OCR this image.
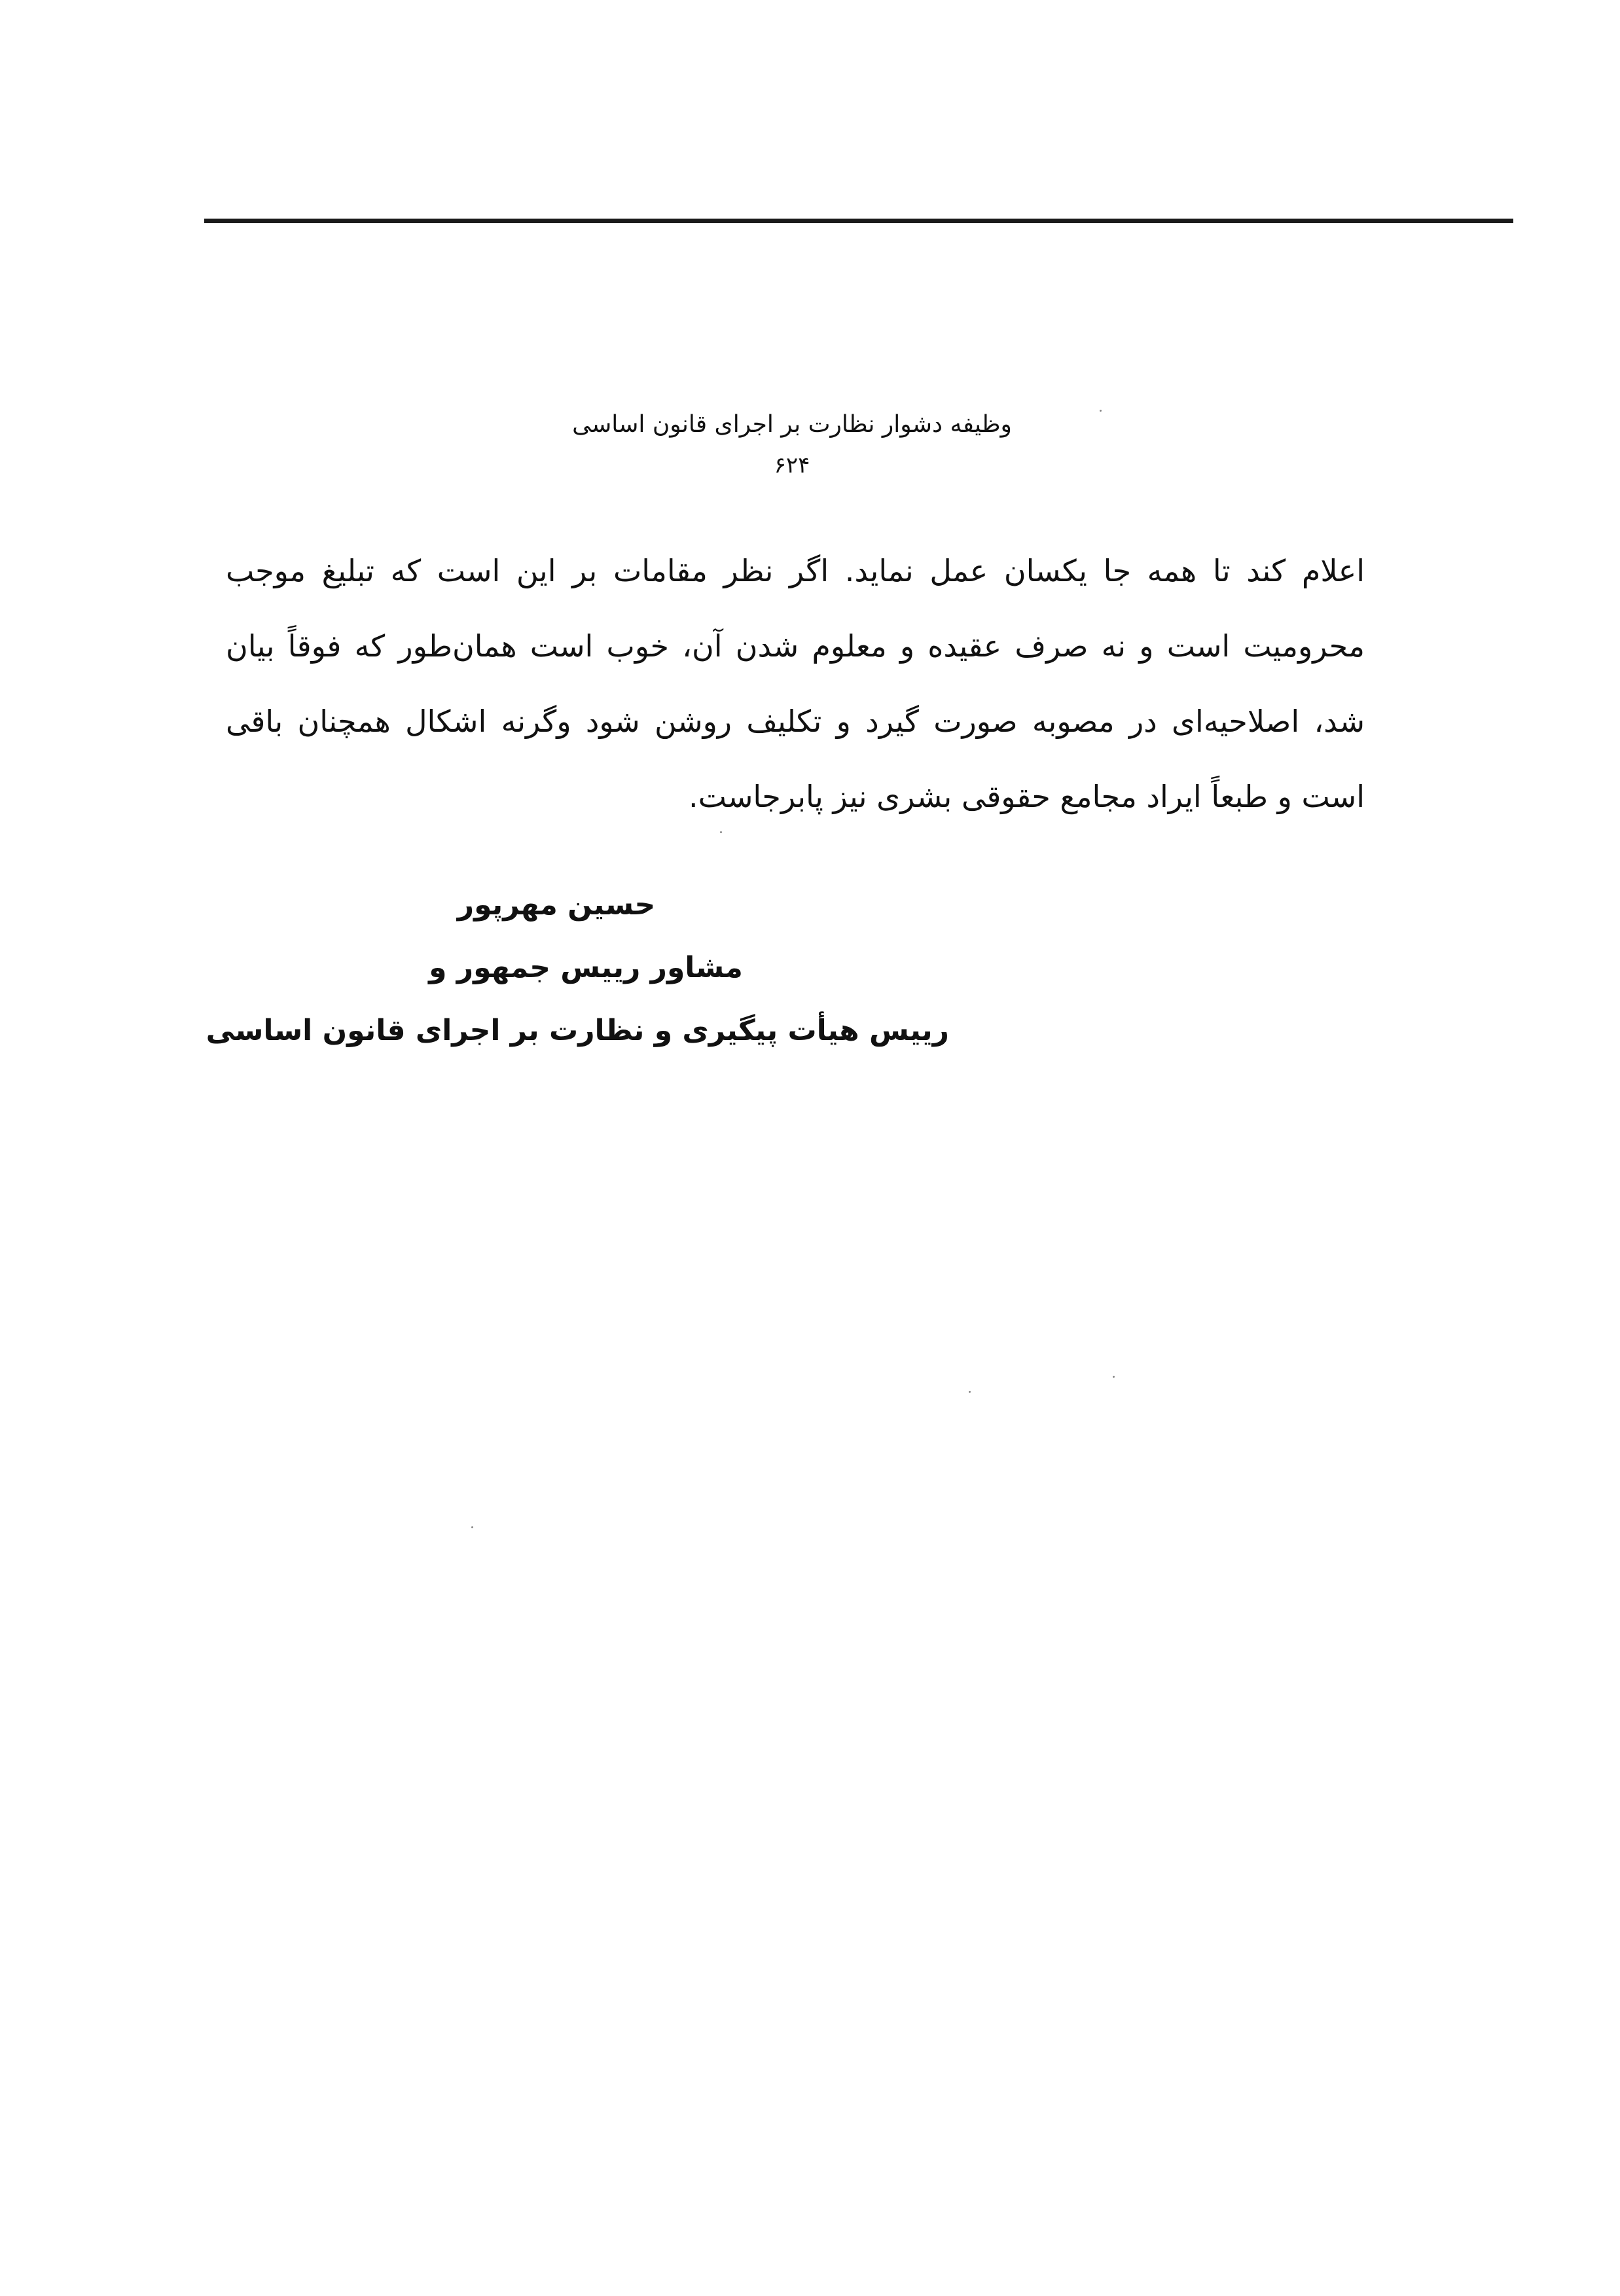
وظیفه دشوار نظارت بر اجرای قانون اساسی
۶۲۴

اعلام کند تا همه جا یکسان عمل نماید. اگر نظر مقامات بر این است که تبلیغ موجب محرومیت است و نه صرف عقیده و معلوم شدن آن، خوب است همان‌طور که فوقاً بیان شد، اصلاحیه‌ای در مصوبه صورت گیرد و تکلیف روشن شود وگرنه اشکال همچنان باقی است و طبعاً ایراد مجامع حقوقی بشری نیز پابرجاست.

حسین مهرپور
مشاور رییس جمهور و
رییس هیأت پیگیری و نظارت بر اجرای قانون اساسی
